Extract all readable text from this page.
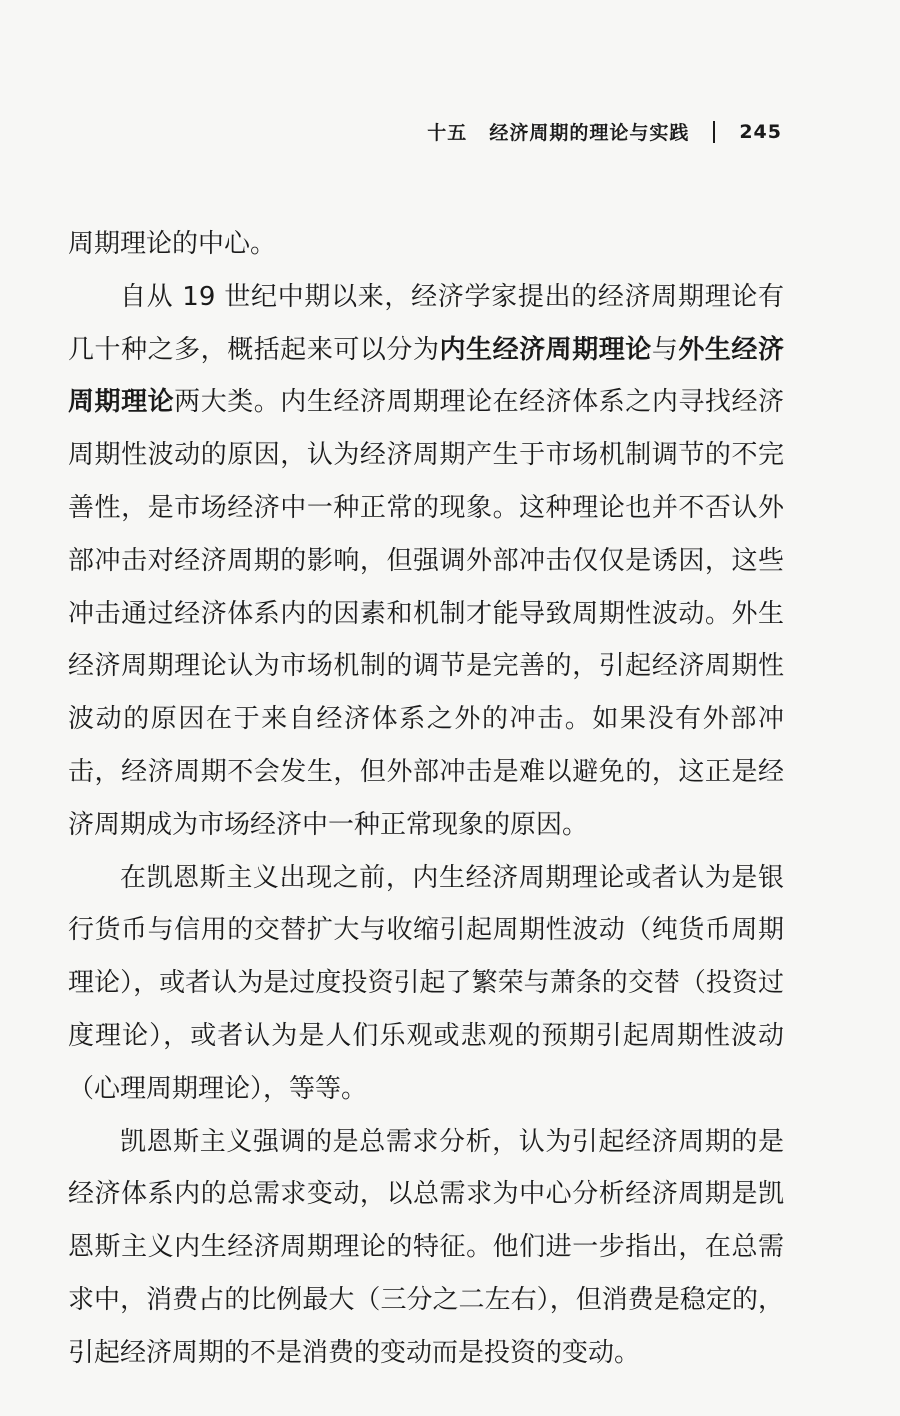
十五 经济周期的理论与实践	245

周期理论的中心。

自从 19 世纪中期以来，经济学家提出的经济周期理论有几十种之多，概括起来可以分为内生经济周期理论与外生经济周期理论两大类。内生经济周期理论在经济体系之内寻找经济周期性波动的原因，认为经济周期产生于市场机制调节的不完善性，是市场经济中一种正常的现象。这种理论也并不否认外部冲击对经济周期的影响，但强调外部冲击仅仅是诱因，这些冲击通过经济体系内的因素和机制才能导致周期性波动。外生经济周期理论认为市场机制的调节是完善的，引起经济周期性波动的原因在于来自经济体系之外的冲击。如果没有外部冲击，经济周期不会发生，但外部冲击是难以避免的，这正是经济周期成为市场经济中一种正常现象的原因。

在凯恩斯主义出现之前，内生经济周期理论或者认为是银行货币与信用的交替扩大与收缩引起周期性波动（纯货币周期理论），或者认为是过度投资引起了繁荣与萧条的交替（投资过度理论），或者认为是人们乐观或悲观的预期引起周期性波动（心理周期理论），等等。

凯恩斯主义强调的是总需求分析，认为引起经济周期的是经济体系内的总需求变动，以总需求为中心分析经济周期是凯恩斯主义内生经济周期理论的特征。他们进一步指出，在总需求中，消费占的比例最大（三分之二左右），但消费是稳定的，引起经济周期的不是消费的变动而是投资的变动。
